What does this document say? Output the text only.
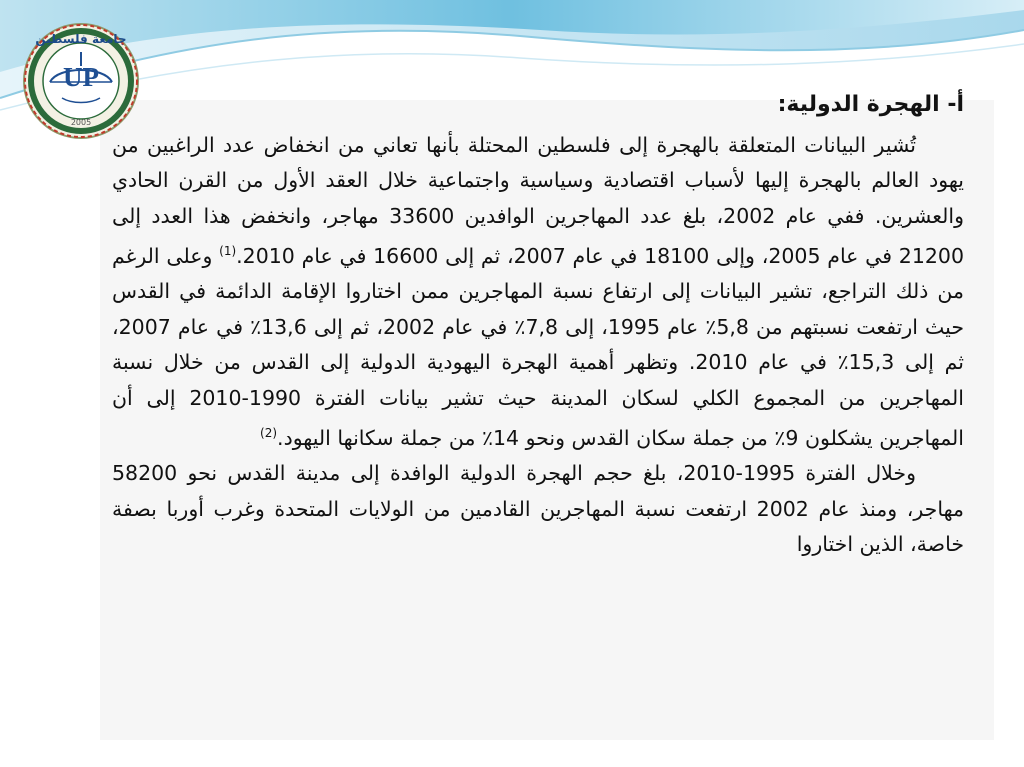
جامعة فلسطين
UP
2005
أ- الهجرة الدولية:

تُشير البيانات المتعلقة بالهجرة إلى فلسطين المحتلة بأنها تعاني من انخفاض عدد الراغبين من يهود العالم بالهجرة إليها لأسباب اقتصادية وسياسية واجتماعية خلال العقد الأول من القرن الحادي والعشرين. ففي عام 2002، بلغ عدد المهاجرين الوافدين 33600 مهاجر، وانخفض هذا العدد إلى 21200 في عام 2005، وإلى 18100 في عام 2007، ثم إلى 16600 في عام 2010.$^{(1)}$ وعلى الرغم من ذلك التراجع، تشير البيانات إلى ارتفاع نسبة المهاجرين ممن اختاروا الإقامة الدائمة في القدس حيث ارتفعت نسبتهم من 5,8٪ عام 1995، إلى 7,8٪ في عام 2002، ثم إلى 13,6٪ في عام 2007، ثم إلى 15,3٪ في عام 2010. وتظهر أهمية الهجرة اليهودية الدولية إلى القدس من خلال نسبة المهاجرين من المجموع الكلي لسكان المدينة حيث تشير بيانات الفترة 1990-2010 إلى أن المهاجرين يشكلون 9٪ من جملة سكان القدس ونحو 14٪ من جملة سكانها اليهود.$^{(2)}$

وخلال الفترة 1995-2010، بلغ حجم الهجرة الدولية الوافدة إلى مدينة القدس نحو 58200 مهاجر، ومنذ عام 2002 ارتفعت نسبة المهاجرين القادمين من الولايات المتحدة وغرب أوربا بصفة خاصة، الذين اختاروا
